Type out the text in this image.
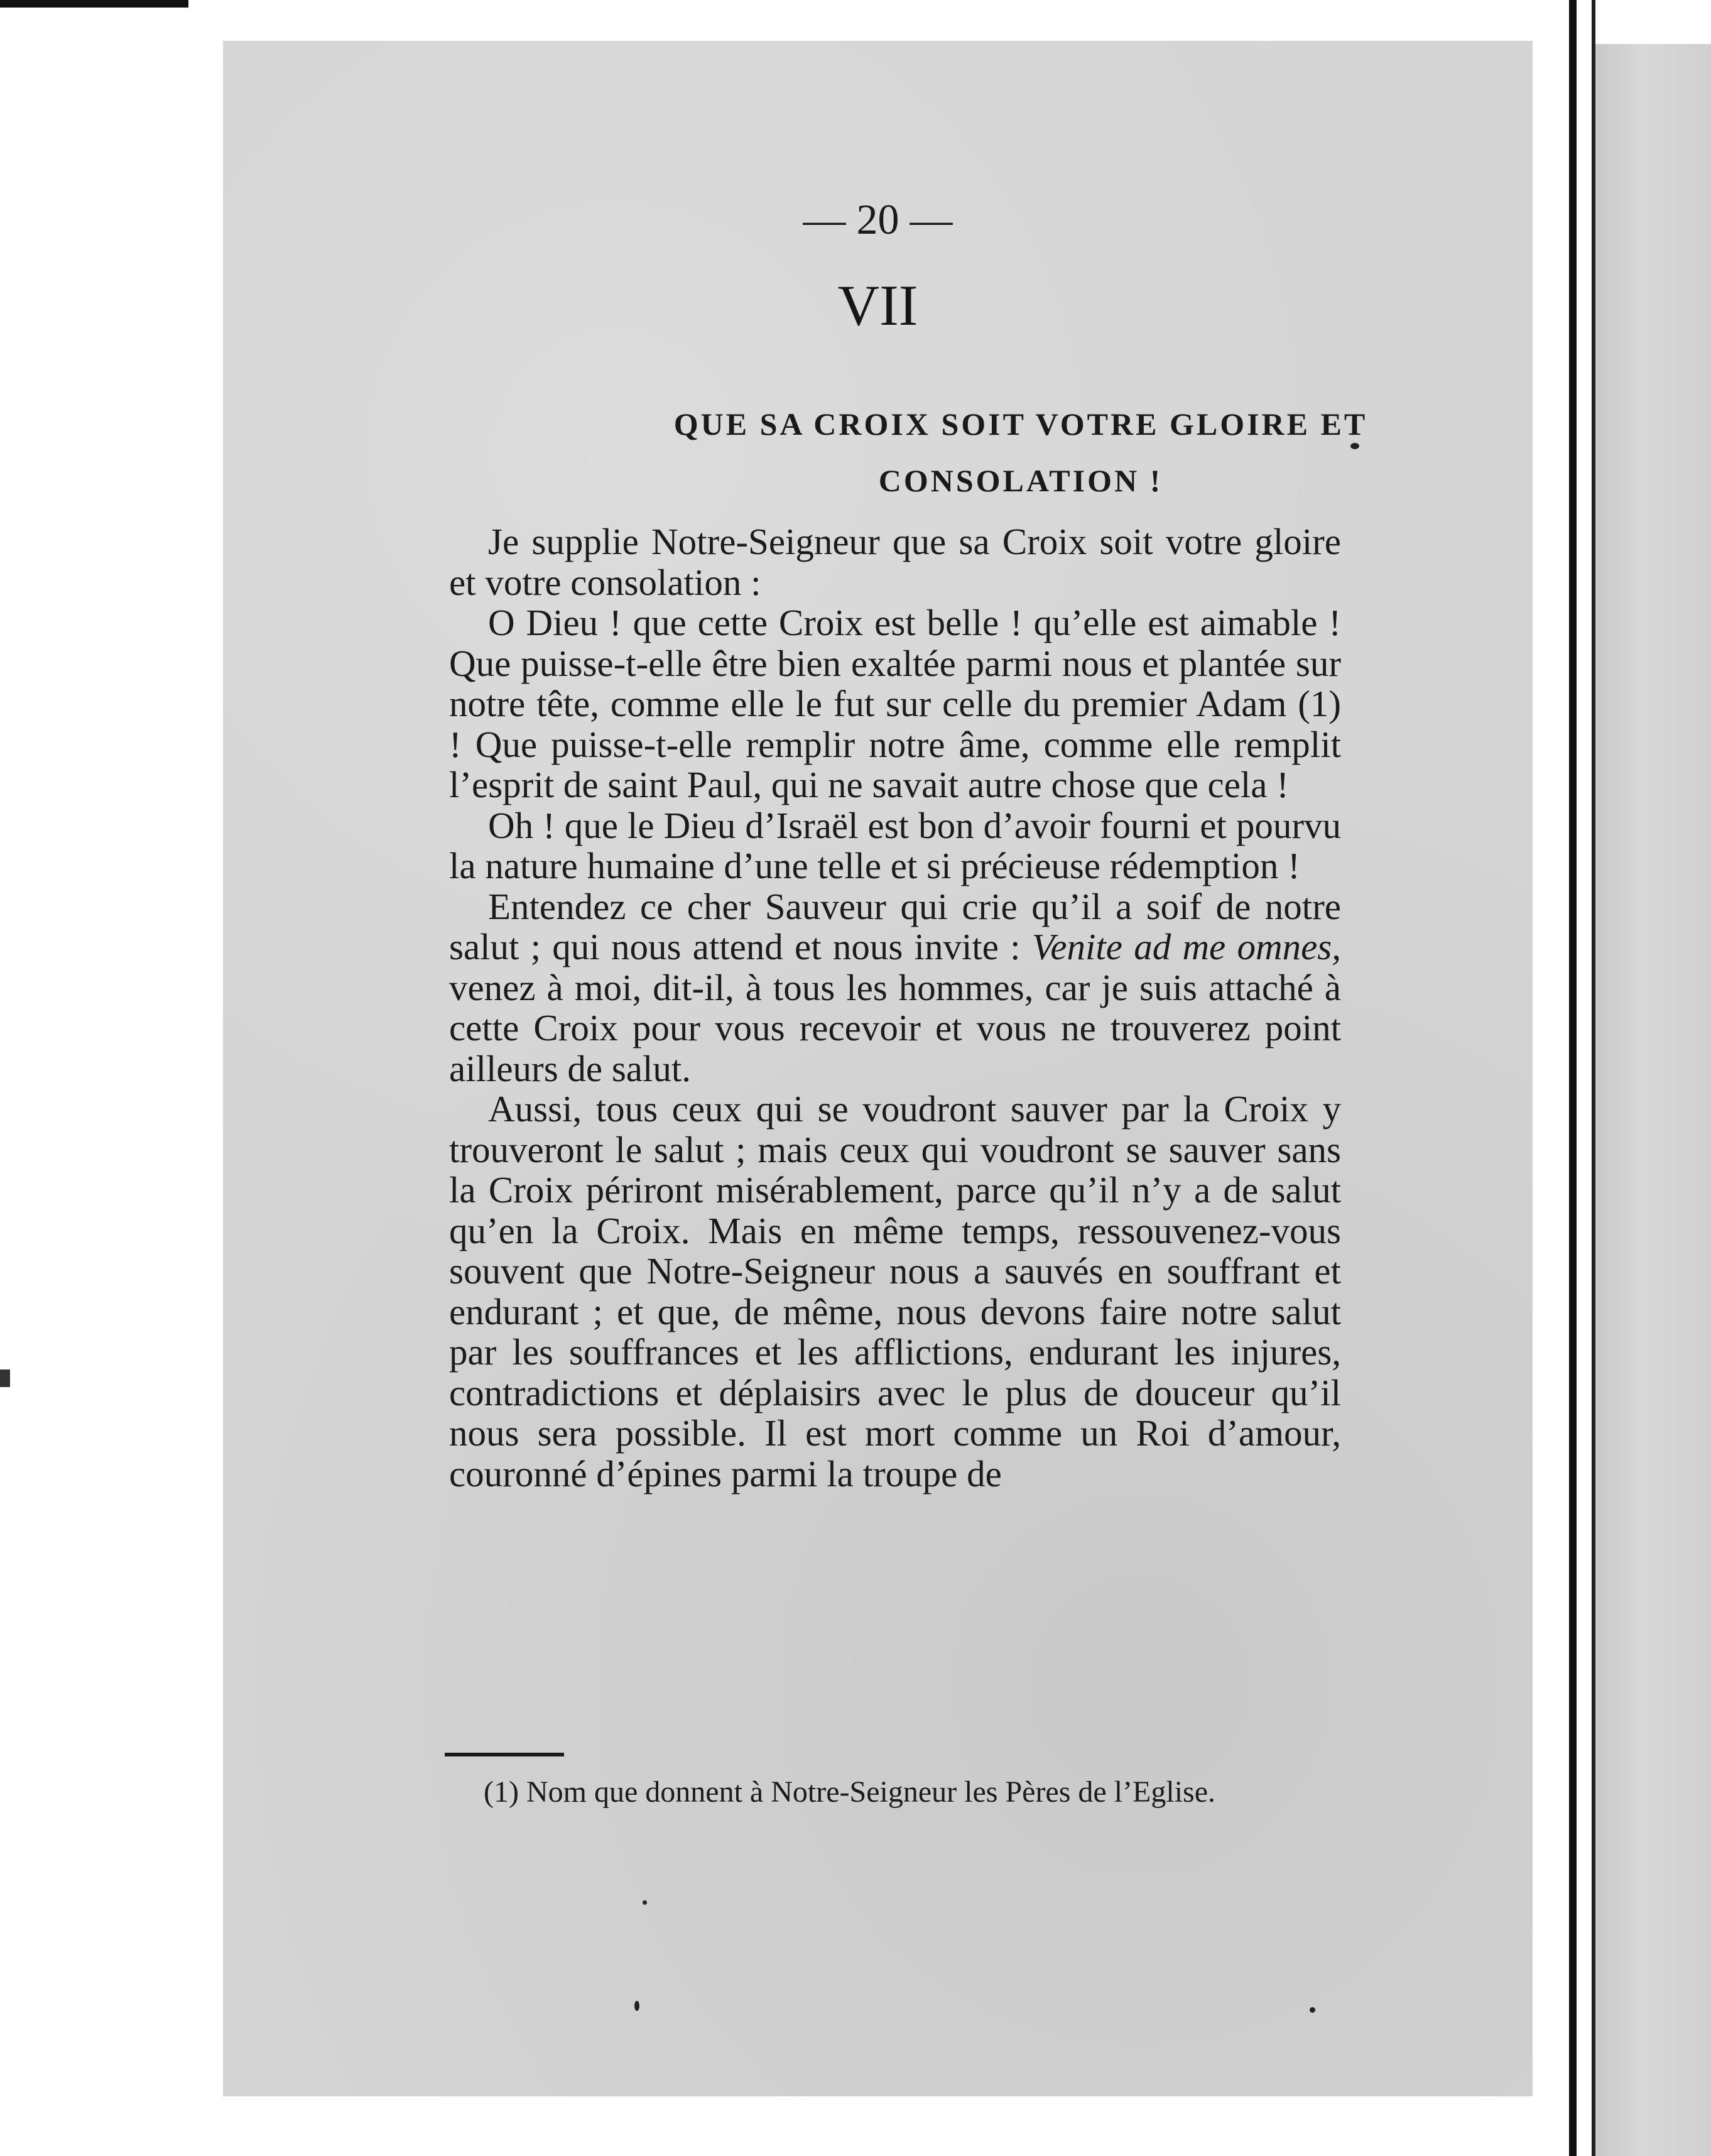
— 20 —
VII
QUE SA CROIX SOIT VOTRE GLOIRE ET
CONSOLATION !

Je supplie Notre-Seigneur que sa Croix soit votre gloire et votre consolation :

O Dieu ! que cette Croix est belle ! qu’elle est aimable ! Que puisse-t-elle être bien exaltée parmi nous et plantée sur notre tête, comme elle le fut sur celle du premier Adam (1) ! Que puisse-t-elle remplir notre âme, comme elle remplit l’esprit de saint Paul, qui ne savait autre chose que cela !

Oh ! que le Dieu d’Israël est bon d’avoir fourni et pourvu la nature humaine d’une telle et si précieuse rédemption !

Entendez ce cher Sauveur qui crie qu’il a soif de notre salut ; qui nous attend et nous invite : Venite ad me omnes, venez à moi, dit-il, à tous les hommes, car je suis attaché à cette Croix pour vous recevoir et vous ne trouverez point ailleurs de salut.

Aussi, tous ceux qui se voudront sauver par la Croix y trouveront le salut ; mais ceux qui voudront se sauver sans la Croix périront misérablement, parce qu’il n’y a de salut qu’en la Croix. Mais en même temps, ressouvenez-vous souvent que Notre-Seigneur nous a sauvés en souffrant et endurant ; et que, de même, nous devons faire notre salut par les souffrances et les afflictions, endurant les injures, contradictions et déplaisirs avec le plus de douceur qu’il nous sera possible. Il est mort comme un Roi d’amour, couronné d’épines parmi la troupe de

(1) Nom que donnent à Notre-Seigneur les Pères de l’Eglise.
